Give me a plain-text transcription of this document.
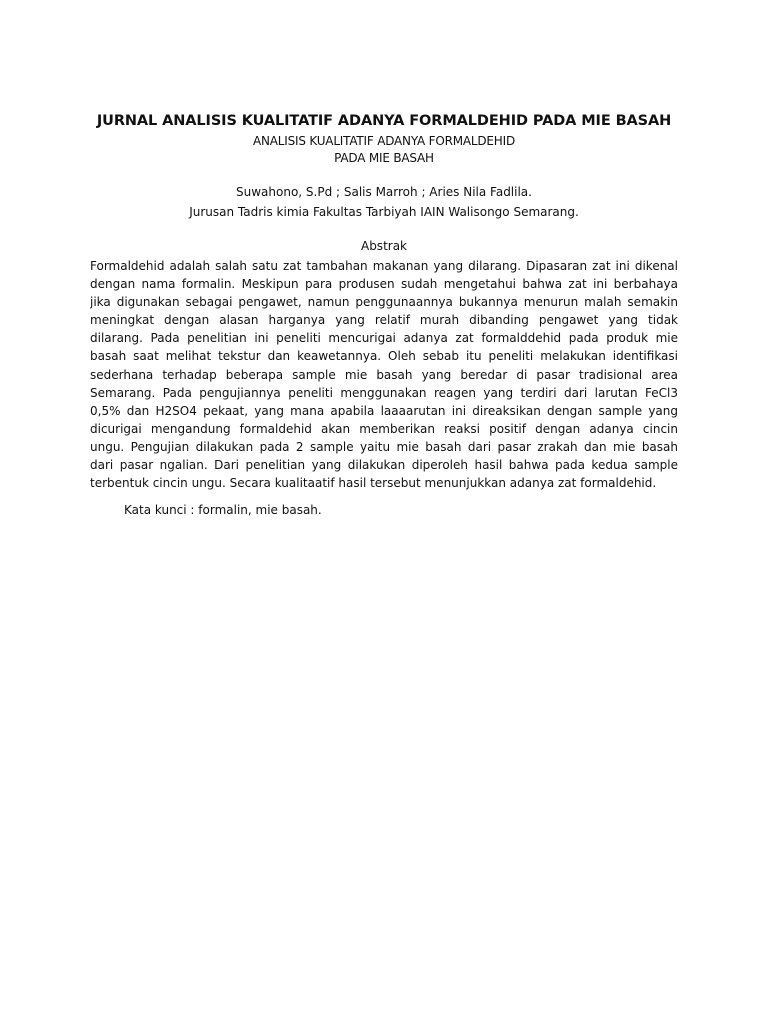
JURNAL ANALISIS KUALITATIF ADANYA FORMALDEHID PADA MIE BASAH
ANALISIS KUALITATIF ADANYA FORMALDEHID
PADA MIE BASAH
Suwahono, S.Pd ; Salis Marroh ; Aries Nila Fadlila.
Jurusan Tadris kimia Fakultas Tarbiyah IAIN Walisongo Semarang.
Abstrak
Formaldehid adalah salah satu zat tambahan makanan yang dilarang. Dipasaran zat ini dikenal
dengan nama formalin. Meskipun para produsen sudah mengetahui bahwa zat ini berbahaya
jika digunakan sebagai pengawet, namun penggunaannya bukannya menurun malah semakin
meningkat dengan alasan harganya yang relatif murah dibanding pengawet yang tidak
dilarang. Pada penelitian ini peneliti mencurigai adanya zat formalddehid pada produk mie
basah saat melihat tekstur dan keawetannya. Oleh sebab itu peneliti melakukan identifikasi
sederhana terhadap beberapa sample mie basah yang beredar di pasar tradisional area
Semarang. Pada pengujiannya peneliti menggunakan reagen yang terdiri dari larutan FeCl3
0,5% dan H2SO4 pekaat, yang mana apabila laaaarutan ini direaksikan dengan sample yang
dicurigai mengandung formaldehid akan memberikan reaksi positif dengan adanya cincin
ungu. Pengujian dilakukan pada 2 sample yaitu mie basah dari pasar zrakah dan mie basah
dari pasar ngalian. Dari penelitian yang dilakukan diperoleh hasil bahwa pada kedua sample
terbentuk cincin ungu. Secara kualitaatif hasil tersebut menunjukkan adanya zat formaldehid.
Kata kunci : formalin, mie basah.
